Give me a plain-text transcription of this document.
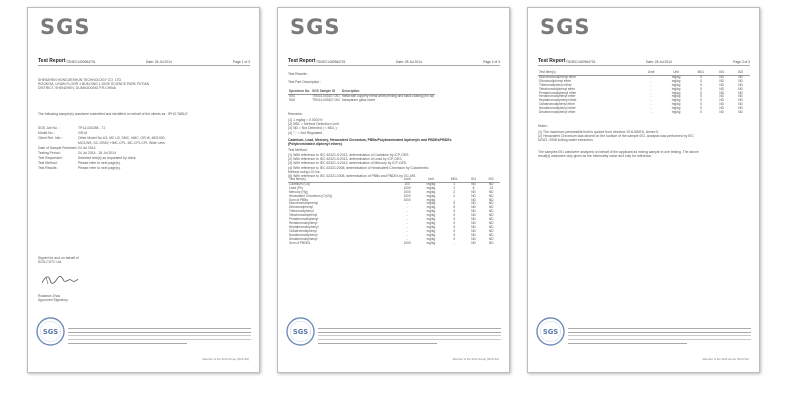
SGS
Test Report TSNEC1400964701	Date: 28 Jul 2014	Page 1 of 3
SHENZHEN HONGJIESHUN TECHNOLOGY CO. LTD.
ROOM 5A, LINAN FLOOR 1 BUILDING 1 DIGE SCIENCE PARK FUTIAN
DISTRICT, SHENZHEN, GUANGDONG P.R.CHINA
The following sample(s) was/were submitted and identified on behalf of the clients as : IPHO TABLE
SGS Job No. :	TP14-034286 - TJ
Model No. :	GR-M
Client Ref. Info. :	Other Model No:U3, MC U3, SMC, HMC, GR-W, MD1000,
MC3-W5, GC-GRAY, HMC-CPL, MC-CPL,CPL Wide Lens
Date of Sample Received :24 Jul 2014
Testing Period :	24 Jul 2014 - 28 Jul 2014
Test Requested :	Selected test(s) as requested by client.
Test Method :	Please refer to next page(s).
Test Results :	Please refer to next page(s).
Signed for and on behalf of
SGS-CSTC Ltd.
Rodance Zhou
Approved Signatory
SGS
Member of the SGS Group (SGS SA)
SGS
Test Report TSNEC1400964701	Date: 28 Jul 2014	Page 2 of 3
Test Results :
Test Part Description :
Specimen No.	SGS Sample ID	Description
SN1	TSN14-003407.001	metal with coppery metal white printing and black coating (rim all)
SN2	TSN14-003407.002	transparent glass sheet
Remarks :
(1) 1 mg/kg = 0.0001%
(2) MDL = Method Detection Limit
(3) ND = Not Detected ( < MDL )
(4) "-" = Not Regulated
Cadmium, Lead, Mercury, Hexavalent Chromium, PBBs/Polybrominated biphenyls and PBDEs/PBDEs
(Polybrominated diphenyl ethers)
Test Method :
(1) With reference to IEC 62321-5:2013, determination of Cadmium by ICP-OES.
(2) With reference to IEC 62321-5:2013, determination of Lead by ICP-OES.
(3) With reference to IEC 62321-4:2013, determination of Mercury by ICP-OES.
(4) With reference to IEC 62321:2008, determination of Hexavalent Chromium by Colorimetric
Method using UV-Vis.
(5) With reference to IEC 62321:2008, determination of PBBs and PBDEs by GC-MS.
Test Item(s)	Limit	Unit	MDL	001	002
Cadmium (Cd)	100	mg/kg	2	ND	ND
Lead (Pb)	1000	mg/kg	2	8	13
Mercury (Hg)	1000	mg/kg	2	ND	ND
Hexavalent Chromium (Cr(VI))	1000	mg/kg	2	ND	ND
Sum of PBBs	1000	mg/kg	-	ND	ND
Monobromobiphenyl	-	mg/kg	5	ND	ND
Dibromobiphenyl	-	mg/kg	5	ND	ND
Tribromobiphenyl	-	mg/kg	5	ND	ND
Tetrabromobiphenyl	-	mg/kg	5	ND	ND
Pentabromobiphenyl	-	mg/kg	5	ND	ND
Hexabromobiphenyl	-	mg/kg	5	ND	ND
Heptabromobiphenyl	-	mg/kg	5	ND	ND
Octabromobiphenyl	-	mg/kg	5	ND	ND
Nonabromobiphenyl	-	mg/kg	5	ND	ND
Decabromobiphenyl	-	mg/kg	5	ND	ND
Sum of PBDEs	1000	mg/kg	-	ND	ND
SGS
Member of the SGS Group (SGS SA)
SGS
Test Report TSNEC1400964701	Date: 28 Jul 2014	Page 3 of 3
Test Item(s)	Limit	Unit	MDL	001	002
Monobromodiphenyl ether	-	mg/kg	5	ND	ND
Dibromodiphenyl ether	-	mg/kg	5	ND	ND
Tribromodiphenyl ether	-	mg/kg	5	ND	ND
Tetrabromodiphenyl ether	-	mg/kg	5	ND	ND
Pentabromodiphenyl ether	-	mg/kg	5	ND	ND
Hexabromodiphenyl ether	-	mg/kg	5	ND	ND
Heptabromodiphenyl ether	-	mg/kg	5	ND	ND
Octabromodiphenyl ether	-	mg/kg	5	ND	ND
Nonabromodiphenyl ether	-	mg/kg	5	ND	ND
Decabromodiphenyl ether	-	mg/kg	5	ND	ND
Notes :
(1) The maximum permissible limit is quoted from directive 2011/65/EU, Annex II.
(2) Hexavalent Chromium was absent on the surface of the sample 001. Analysis was performed by IEC
62321 :2008 boiling water extraction.
The samples 001 was/were analyzed on behalf of the applicant as mixing sample in one testing. The above
result(s) was/were only given as the informality value and only for reference.
SGS
Member of the SGS Group (SGS SA)
